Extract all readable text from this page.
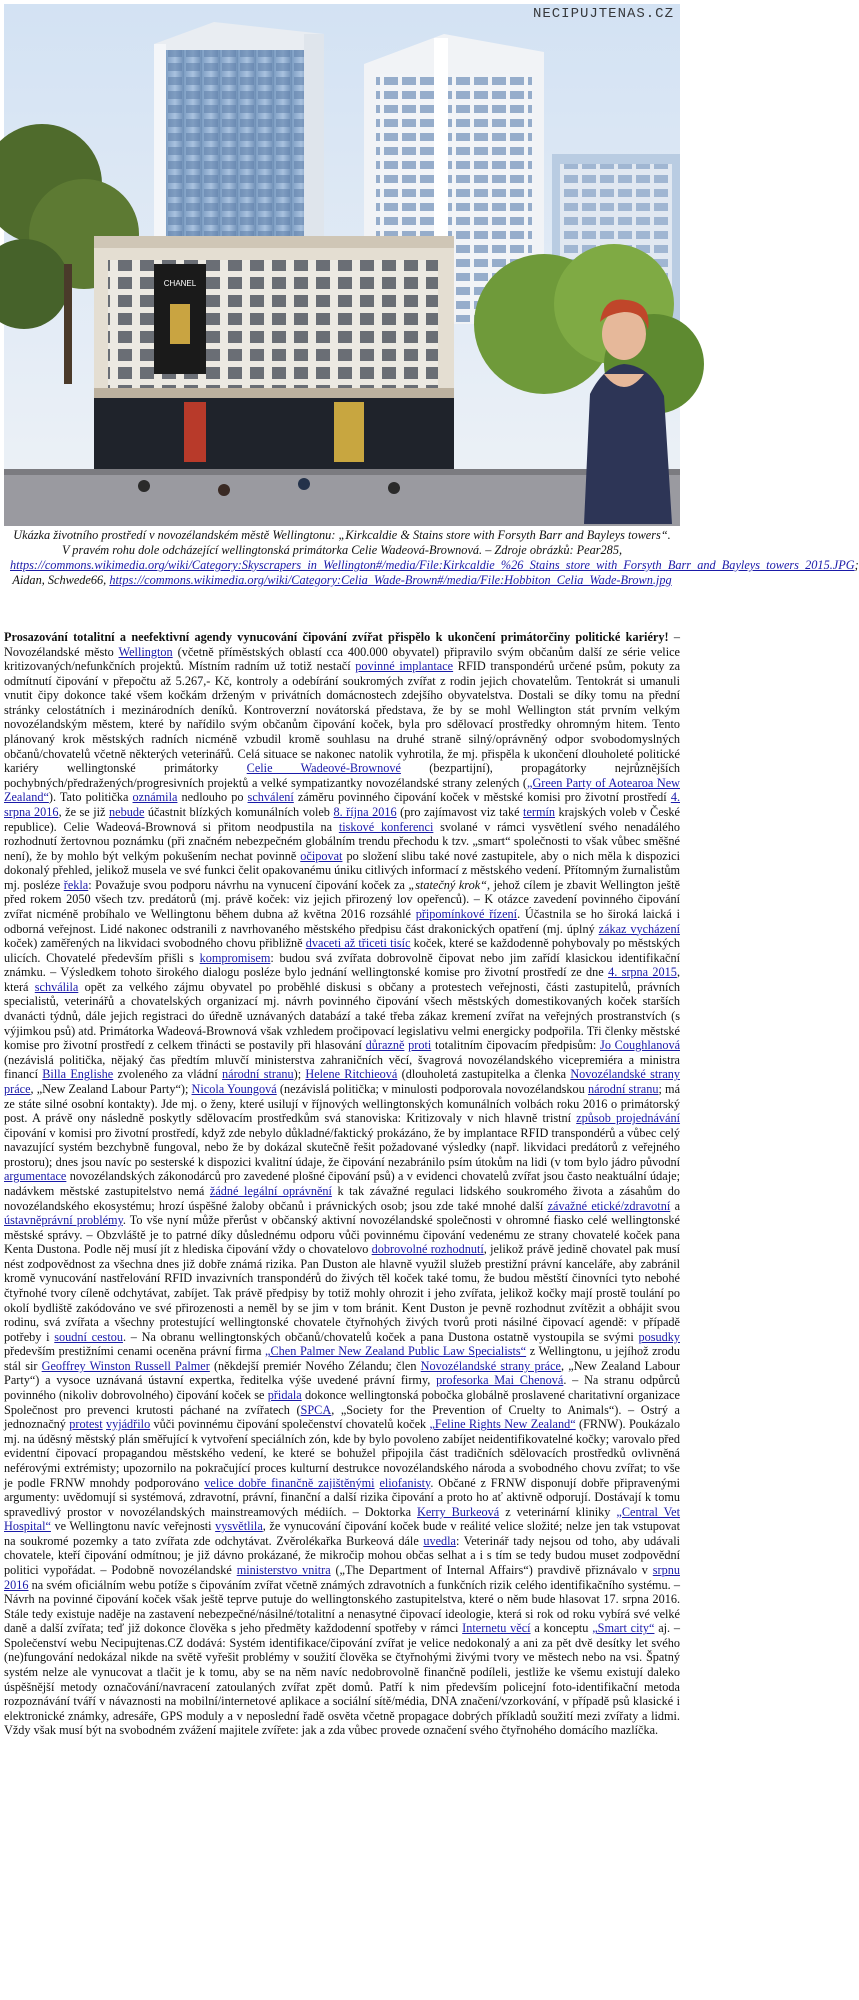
CHANEL
NECIPUJTENAS.CZ
Ukázka životního prostředí v novozélandském městě Wellingtonu: „Kirkcaldie & Stains store with Forsyth Barr and Bayleys towers“. V pravém rohu dole odcházející wellingtonská primátorka Celie Wadeová-Brownová. – Zdroje obrázků: Pear285, https://commons.wikimedia.org/wiki/Category:Skyscrapers_in_Wellington#/media/File:Kirkcaldie_%26_Stains_store_with_Forsyth_Barr_and_Bayleys_towers_2015.JPG; Aidan, Schwede66, https://commons.wikimedia.org/wiki/Category:Celia_Wade-Brown#/media/File:Hobbiton_Celia_Wade-Brown.jpg
Prosazování totalitní a neefektivní agendy vynucování čipování zvířat přispělo k ukončení primátorčiny politické kariéry! – Novozélandské město Wellington (včetně příměstských oblastí cca 400.000 obyvatel) připravilo svým občanům další ze série velice kritizovaných/nefunkčních projektů. Místním radním už totiž nestačí povinné implantace RFID transpondérů určené psům, pokuty za odmítnutí čipování v přepočtu až 5.267,- Kč, kontroly a odebírání soukromých zvířat z rodin jejich chovatelům. Tentokrát si umanuli vnutit čipy dokonce také všem kočkám drženým v privátních domácnostech zdejšího obyvatelstva. Dostali se díky tomu na přední stránky celostátních i mezinárodních deníků. Kontroverzní novátorská představa, že by se mohl Wellington stát prvním velkým novozélandským městem, které by nařídilo svým občanům čipování koček, byla pro sdělovací prostředky ohromným hitem. Tento plánovaný krok městských radních nicméně vzbudil kromě souhlasu na druhé straně silný/oprávněný odpor svobodomyslných občanů/chovatelů včetně některých veterinářů. Celá situace se nakonec natolik vyhrotila, že mj. přispěla k ukončení dlouholeté politické kariéry wellingtonské primátorky Celie Wadeové-Brownové (bezpartijní), propagátorky nejrůznějších pochybných/předražených/progresivních projektů a velké sympatizantky novozélandské strany zelených („Green Party of Aotearoa New Zealand“). Tato politička oznámila nedlouho po schválení záměru povinného čipování koček v městské komisi pro životní prostředí 4. srpna 2016, že se již nebude účastnit blízkých komunálních voleb 8. října 2016 (pro zajímavost viz také termín krajských voleb v České republice). Celie Wadeová-Brownová si přitom neodpustila na tiskové konferenci svolané v rámci vysvětlení svého nenadálého rozhodnutí žertovnou poznámku (při značném nebezpečném globálním trendu přechodu k tzv. „smart“ společnosti to však vůbec směšné není), že by mohlo být velkým pokušením nechat povinně očipovat po složení slibu také nové zastupitele, aby o nich měla k dispozici dokonalý přehled, jelikož musela ve své funkci čelit opakovanému úniku citlivých informací z městského vedení. Přítomným žurnalistům mj. posléze řekla: Považuje svou podporu návrhu na vynucení čipování koček za „statečný krok“, jehož cílem je zbavit Wellington ještě před rokem 2050 všech tzv. predátorů (mj. právě koček: viz jejich přirozený lov opeřenců). – K otázce zavedení povinného čipování zvířat nicméně probíhalo ve Wellingtonu během dubna až května 2016 rozsáhlé připomínkové řízení. Účastnila se ho široká laická i odborná veřejnost. Lidé nakonec odstranili z navrhovaného městského předpisu část drakonických opatření (mj. úplný zákaz vycházení koček) zaměřených na likvidaci svobodného chovu přibližně dvaceti až třiceti tisíc koček, které se každodenně pohybovaly po městských ulicích. Chovatelé především přišli s kompromisem: budou svá zvířata dobrovolně čipovat nebo jim zařídí klasickou identifikační známku. – Výsledkem tohoto širokého dialogu posléze bylo jednání wellingtonské komise pro životní prostředí ze dne 4. srpna 2015, která schválila opět za velkého zájmu obyvatel po proběhlé diskusi s občany a protestech veřejnosti, části zastupitelů, právních specialistů, veterinářů a chovatelských organizací mj. návrh povinného čipování všech městských domestikovaných koček starších dvanácti týdnů, dále jejich registraci do úředně uznávaných databází a také třeba zákaz kremení zvířat na veřejných prostranstvích (s výjimkou psů) atd. Primátorka Wadeová-Brownová však vzhledem pročipovací legislativu velmi energicky podpořila. Tři členky městské komise pro životní prostředí z celkem třinácti se postavily při hlasování důrazně proti totalitním čipovacím předpisům: Jo Coughlanová (nezávislá politička, nějaký čas předtím mluvčí ministerstva zahraničních věcí, švagrová novozélandského vicepremiéra a ministra financí Billa Englishe zvoleného za vládní národní stranu); Helene Ritchieová (dlouholetá zastupitelka a členka Novozélandské strany práce, „New Zealand Labour Party“); Nicola Youngová (nezávislá politička; v minulosti podporovala novozélandskou národní stranu; má ze státe silné osobní kontakty). Jde mj. o ženy, které usilují v říjnových wellingtonských komunálních volbách roku 2016 o primátorský post. A právě ony následně poskytly sdělovacím prostředkům svá stanoviska: Kritizovaly v nich hlavně tristní způsob projednávání čipování v komisi pro životní prostředí, když zde nebylo důkladné/faktický prokázáno, že by implantace RFID transpondérů a vůbec celý navazující systém bezchybně fungoval, nebo že by dokázal skutečně řešit požadované výsledky (např. likvidaci predátorů z veřejného prostoru); dnes jsou navíc po sesterské k dispozici kvalitní údaje, že čipování nezabránilo psím útokům na lidi (v tom bylo jádro původní argumentace novozélandských zákonodárců pro zavedené plošné čipování psů) a v evidenci chovatelů zvířat jsou často neaktuální údaje; nadávkem městské zastupitelstvo nemá žádné legální oprávnění k tak závažné regulaci lidského soukromého života a zásahům do novozélandského ekosystému; hrozí úspěšné žaloby občanů i právnických osob; jsou zde také mnohé další závažné etické/zdravotní a ústavněprávní problémy. To vše nyní může přerůst v občanský aktivní novozélandské společnosti v ohromné fiasko celé wellingtonské městské správy. – Obzvláště je to patrné díky důslednému odporu vůči povinnému čipování vedenému ze strany chovatelé koček pana Kenta Dustona. Podle něj musí jít z hlediska čipování vždy o chovatelovo dobrovolné rozhodnutí, jelikož právě jedině chovatel pak musí nést zodpovědnost za všechna dnes již dobře známá rizika. Pan Duston ale hlavně využil služeb prestižní právní kanceláře, aby zabránil kromě vynucování nastřelování RFID invazivních transpondérů do živých těl koček také tomu, že budou městští činovníci tyto nebohé čtyřnohé tvory cíleně odchytávat, zabíjet. Tak právě předpisy by totiž mohly ohrozit i jeho zvířata, jelikož kočky mají prostě toulání po okolí bydliště zakódováno ve své přirozenosti a neměl by se jim v tom bránit. Kent Duston je pevně rozhodnut zvítězit a obhájit svou rodinu, svá zvířata a všechny protestující wellingtonské chovatele čtyřnohých živých tvorů proti násilné čipovací agendě: v případě potřeby i soudní cestou. – Na obranu wellingtonských občanů/chovatelů koček a pana Dustona ostatně vystoupila se svými posudky především prestižními cenami oceněna právní firma „Chen Palmer New Zealand Public Law Specialists“ z Wellingtonu, u jejíhož zrodu stál sir Geoffrey Winston Russell Palmer (někdejší premiér Nového Zélandu; člen Novozélandské strany práce, „New Zealand Labour Party“) a vysoce uznávaná ústavní expertka, ředitelka výše uvedené právní firmy, profesorka Mai Chenová. – Na stranu odpůrců povinného (nikoliv dobrovolného) čipování koček se přidala dokonce wellingtonská pobočka globálně proslavené charitativní organizace Společnost pro prevenci krutosti páchané na zvířatech (SPCA, „Society for the Prevention of Cruelty to Animals“). – Ostrý a jednoznačný protest vyjádřilo vůči povinnému čipování společenství chovatelů koček „Feline Rights New Zealand“ (FRNW). Poukázalo mj. na úděsný městský plán směřující k vytvoření speciálních zón, kde by bylo povoleno zabíjet neidentifikovatelné kočky; varovalo před evidentní čipovací propagandou městského vedení, ke které se bohužel připojila část tradičních sdělovacích prostředků ovlivněná neférovými extrémisty; upozornilo na pokračující proces kulturní destrukce novozélandského národa a svobodného chovu zvířat; to vše je podle FRNW mnohdy podporováno velice dobře finančně zajištěnými eliofanisty. Občané z FRNW disponují dobře připravenými argumenty: uvědomují si systémová, zdravotní, právní, finanční a další rizika čipování a proto ho ať aktivně odporují. Dostávají k tomu spravedlivý prostor v novozélandských mainstreamových médiích. – Doktorka Kerry Burkeová z veterinární kliniky „Central Vet Hospital“ ve Wellingtonu navíc veřejnosti vysvětlila, že vynucování čipování koček bude v reálité velice složité; nelze jen tak vstupovat na soukromé pozemky a tato zvířata zde odchytávat. Zvěrolékařka Burkeová dále uvedla: Veterinář tady nejsou od toho, aby udávali chovatele, kteří čipování odmítnou; je již dávno prokázané, že mikročip mohou občas selhat a i s tím se tedy budou muset zodpovědní politici vypořádat. – Podobně novozélandské ministerstvo vnitra („The Department of Internal Affairs“) pravdivě přiznávalo v srpnu 2016 na svém oficiálním webu potíže s čipováním zvířat včetně známých zdravotních a funkčních rizik celého identifikačního systému. – Návrh na povinné čipování koček však ještě teprve putuje do wellingtonského zastupitelstva, které o něm bude hlasovat 17. srpna 2016. Stále tedy existuje naděje na zastavení nebezpečné/násilné/totalitní a nenasytné čipovací ideologie, která si rok od roku vybírá své velké daně a další zvířata; teď již dokonce člověka s jeho předměty každodenní spotřeby v rámci Internetu věcí a konceptu „Smart city“ aj. – Společenství webu Necipujtenas.CZ dodává: Systém identifikace/čipování zvířat je velice nedokonalý a ani za pět dvě desítky let svého (ne)fungování nedokázal nikde na světě vyřešit problémy v soužití člověka se čtyřnohými živými tvory ve městech nebo na vsi. Špatný systém nelze ale vynucovat a tlačit je k tomu, aby se na něm navíc nedobrovolně finančně podíleli, jestliže ke všemu existují daleko úspěšnější metody označování/navracení zatoulaných zvířat zpět domů. Patří k nim především policejní foto-identifikační metoda rozpoznávání tváří v návaznosti na mobilní/internetové aplikace a sociální sítě/média, DNA značení/vzorkování, v případě psů klasické i elektronické známky, adresáře, GPS moduly a v neposlední řadě osvěta včetně propagace dobrých příkladů soužití mezi zvířaty a lidmi. Vždy však musí být na svobodném zvážení majitele zvířete: jak a zda vůbec provede označení svého čtyřnohého domácího mazlíčka.
